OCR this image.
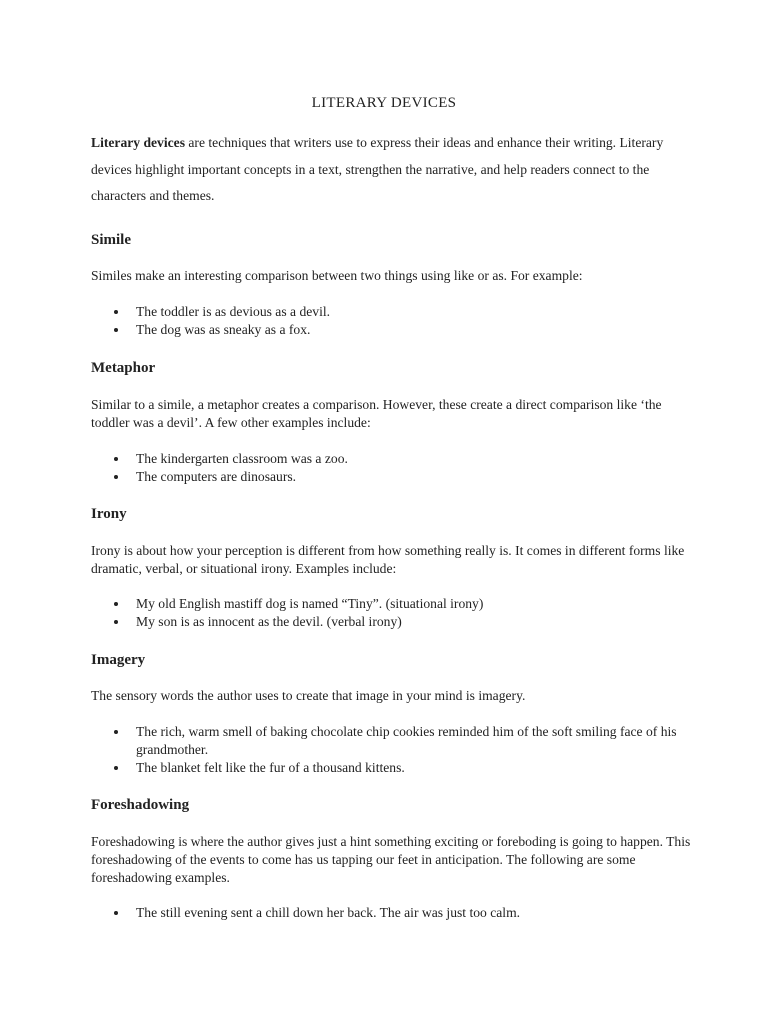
LITERARY DEVICES

Literary devices are techniques that writers use to express their ideas and enhance their writing. Literary devices highlight important concepts in a text, strengthen the narrative, and help readers connect to the characters and themes.

Simile

Similes make an interesting comparison between two things using like or as. For example:

The toddler is as devious as a devil.
The dog was as sneaky as a fox.
Metaphor

Similar to a simile, a metaphor creates a comparison. However, these create a direct comparison like ‘the toddler was a devil’. A few other examples include:

The kindergarten classroom was a zoo.
The computers are dinosaurs.
Irony

Irony is about how your perception is different from how something really is. It comes in different forms like dramatic, verbal, or situational irony. Examples include:

My old English mastiff dog is named “Tiny”. (situational irony)
My son is as innocent as the devil. (verbal irony)
Imagery

The sensory words the author uses to create that image in your mind is imagery.

The rich, warm smell of baking chocolate chip cookies reminded him of the soft smiling face of his grandmother.
The blanket felt like the fur of a thousand kittens.
Foreshadowing

Foreshadowing is where the author gives just a hint something exciting or foreboding is going to happen. This foreshadowing of the events to come has us tapping our feet in anticipation. The following are some foreshadowing examples.

The still evening sent a chill down her back. The air was just too calm.
